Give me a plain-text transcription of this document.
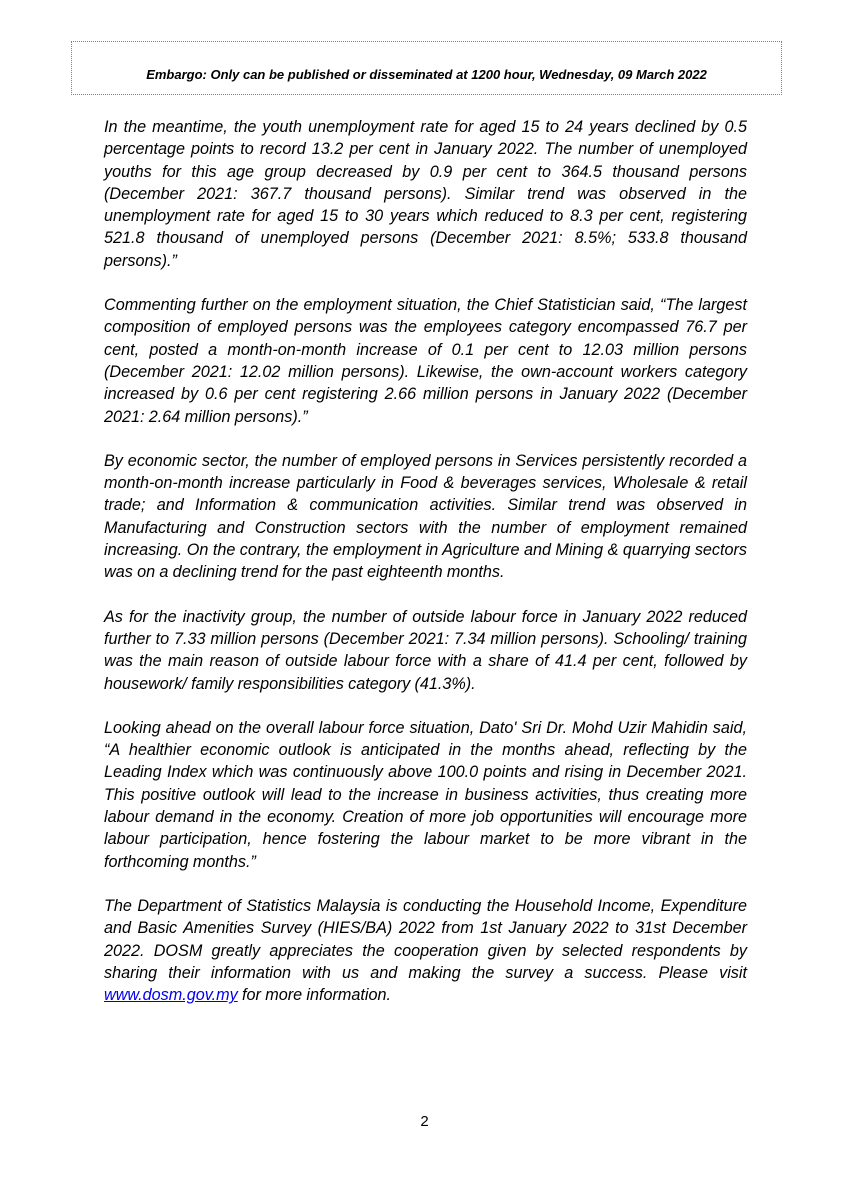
Embargo: Only can be published or disseminated at 1200 hour, Wednesday, 09 March 2022

In the meantime, the youth unemployment rate for aged 15 to 24 years declined by 0.5 percentage points to record 13.2 per cent in January 2022. The number of unemployed youths for this age group decreased by 0.9 per cent to 364.5 thousand persons (December 2021: 367.7 thousand persons). Similar trend was observed in the unemployment rate for aged 15 to 30 years which reduced to 8.3 per cent, registering 521.8 thousand of unemployed persons (December 2021: 8.5%; 533.8 thousand persons).”

Commenting further on the employment situation, the Chief Statistician said, “The largest composition of employed persons was the employees category encompassed 76.7 per cent, posted a month-on-month increase of 0.1 per cent to 12.03 million persons (December 2021: 12.02 million persons). Likewise, the own-account workers category increased by 0.6 per cent registering 2.66 million persons in January 2022 (December 2021: 2.64 million persons).”

By economic sector, the number of employed persons in Services persistently recorded a month-on-month increase particularly in Food & beverages services, Wholesale & retail trade; and Information & communication activities. Similar trend was observed in Manufacturing and Construction sectors with the number of employment remained increasing. On the contrary, the employment in Agriculture and Mining & quarrying sectors was on a declining trend for the past eighteenth months.

As for the inactivity group, the number of outside labour force in January 2022 reduced further to 7.33 million persons (December 2021: 7.34 million persons). Schooling/ training was the main reason of outside labour force with a share of 41.4 per cent, followed by housework/ family responsibilities category (41.3%).

Looking ahead on the overall labour force situation, Dato' Sri Dr. Mohd Uzir Mahidin said, “A healthier economic outlook is anticipated in the months ahead, reflecting by the Leading Index which was continuously above 100.0 points and rising in December 2021. This positive outlook will lead to the increase in business activities, thus creating more labour demand in the economy. Creation of more job opportunities will encourage more labour participation, hence fostering the labour market to be more vibrant in the forthcoming months.”

The Department of Statistics Malaysia is conducting the Household Income, Expenditure and Basic Amenities Survey (HIES/BA) 2022 from 1st January 2022 to 31st December 2022. DOSM greatly appreciates the cooperation given by selected respondents by sharing their information with us and making the survey a success. Please visit www.dosm.gov.my for more information.

2
